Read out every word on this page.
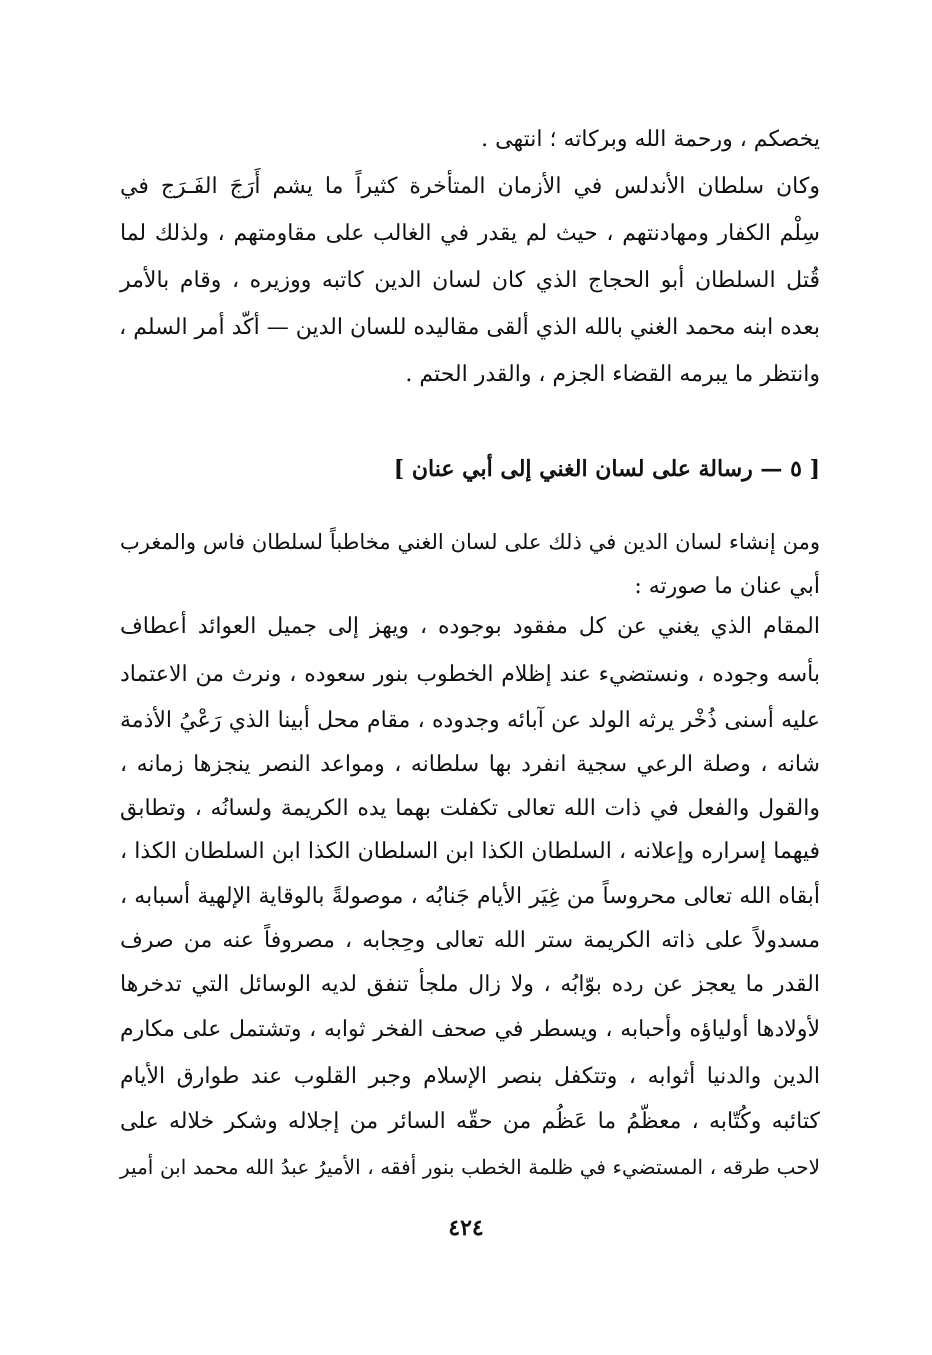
يخصكم ، ورحمة الله وبركاته ؛ انتهى .
وكان سلطان الأندلس في الأزمان المتأخرة كثيراً ما يشم أَرَجَ الفَـرَج في
سِلْم الكفار ومهادنتهم ، حيث لم يقدر في الغالب على مقاومتهم ، ولذلك لما
قُتل السلطان أبو الحجاج الذي كان لسان الدين كاتبه ووزيره ، وقام بالأمر
بعده ابنه محمد الغني بالله الذي ألقى مقاليده للسان الدين — أكّد أمر السلم ،
وانتظر ما يبرمه القضاء الجزم ، والقدر الحتم .
[ ٥ — رسالة على لسان الغني إلى أبي عنان ]
ومن إنشاء لسان الدين في ذلك على لسان الغني مخاطباً لسلطان فاس والمغرب
أبي عنان ما صورته :
المقام الذي يغني عن كل مفقود بوجوده ، ويهز إلى جميل العوائد أعطاف
بأسه وجوده ، ونستضيء عند إظلام الخطوب بنور سعوده ، ونرث من الاعتماد
عليه أسنى ذُخْر يرثه الولد عن آبائه وجدوده ، مقام محل أبينا الذي رَعْيُ الأذمة
شانه ، وصلة الرعي سجية انفرد بها سلطانه ، ومواعد النصر ينجزها زمانه ،
والقول والفعل في ذات الله تعالى تكفلت بهما يده الكريمة ولسانُه ، وتطابق
فيهما إسراره وإعلانه ، السلطان الكذا ابن السلطان الكذا ابن السلطان الكذا ،
أبقاه الله تعالى محروساً من غِيَر الأيام جَنابُه ، موصولةً بالوقاية الإلهية أسبابه ،
مسدولاً على ذاته الكريمة ستر الله تعالى وحِجابه ، مصروفاً عنه من صرف
القدر ما يعجز عن رده بوّابُه ، ولا زال ملجأ تنفق لديه الوسائل التي تدخرها
لأولادها أولياؤه وأحبابه ، ويسطر في صحف الفخر ثوابه ، وتشتمل على مكارم
الدين والدنيا أثوابه ، وتتكفل بنصر الإسلام وجبر القلوب عند طوارق الأيام
كتائبه وكُتّابه ، معظّمُ ما عَظُم من حقّه السائر من إجلاله وشكر خلاله على
لاحب طرقه ، المستضيء في ظلمة الخطب بنور أفقه ، الأميرُ عبدُ الله محمد ابن أمير
٤٢٤
